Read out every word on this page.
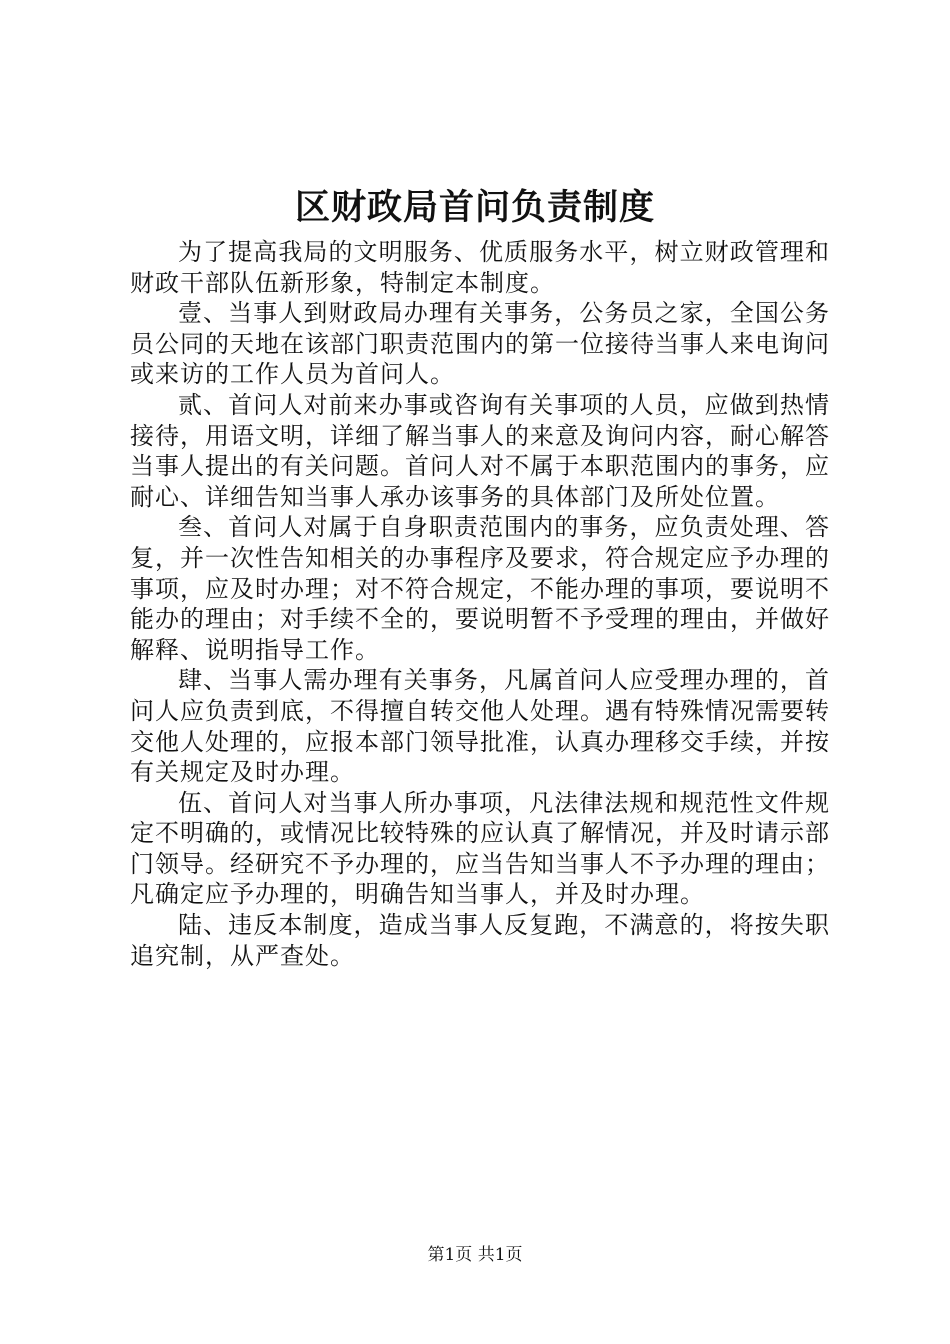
区财政局首问负责制度

为了提高我局的文明服务、优质服务水平，树立财政管理和财政干部队伍新形象，特制定本制度。

壹、当事人到财政局办理有关事务，公务员之家，全国公务员公同的天地在该部门职责范围内的第一位接待当事人来电询问或来访的工作人员为首问人。

贰、首问人对前来办事或咨询有关事项的人员，应做到热情接待，用语文明，详细了解当事人的来意及询问内容，耐心解答当事人提出的有关问题。首问人对不属于本职范围内的事务，应耐心、详细告知当事人承办该事务的具体部门及所处位置。

叁、首问人对属于自身职责范围内的事务，应负责处理、答复，并一次性告知相关的办事程序及要求，符合规定应予办理的事项，应及时办理；对不符合规定，不能办理的事项，要说明不能办的理由；对手续不全的，要说明暂不予受理的理由，并做好解释、说明指导工作。

肆、当事人需办理有关事务，凡属首问人应受理办理的，首问人应负责到底，不得擅自转交他人处理。遇有特殊情况需要转交他人处理的，应报本部门领导批准，认真办理移交手续，并按有关规定及时办理。

伍、首问人对当事人所办事项，凡法律法规和规范性文件规定不明确的，或情况比较特殊的应认真了解情况，并及时请示部门领导。经研究不予办理的，应当告知当事人不予办理的理由；凡确定应予办理的，明确告知当事人，并及时办理。

陆、违反本制度，造成当事人反复跑，不满意的，将按失职追究制，从严查处。

第1页 共1页
